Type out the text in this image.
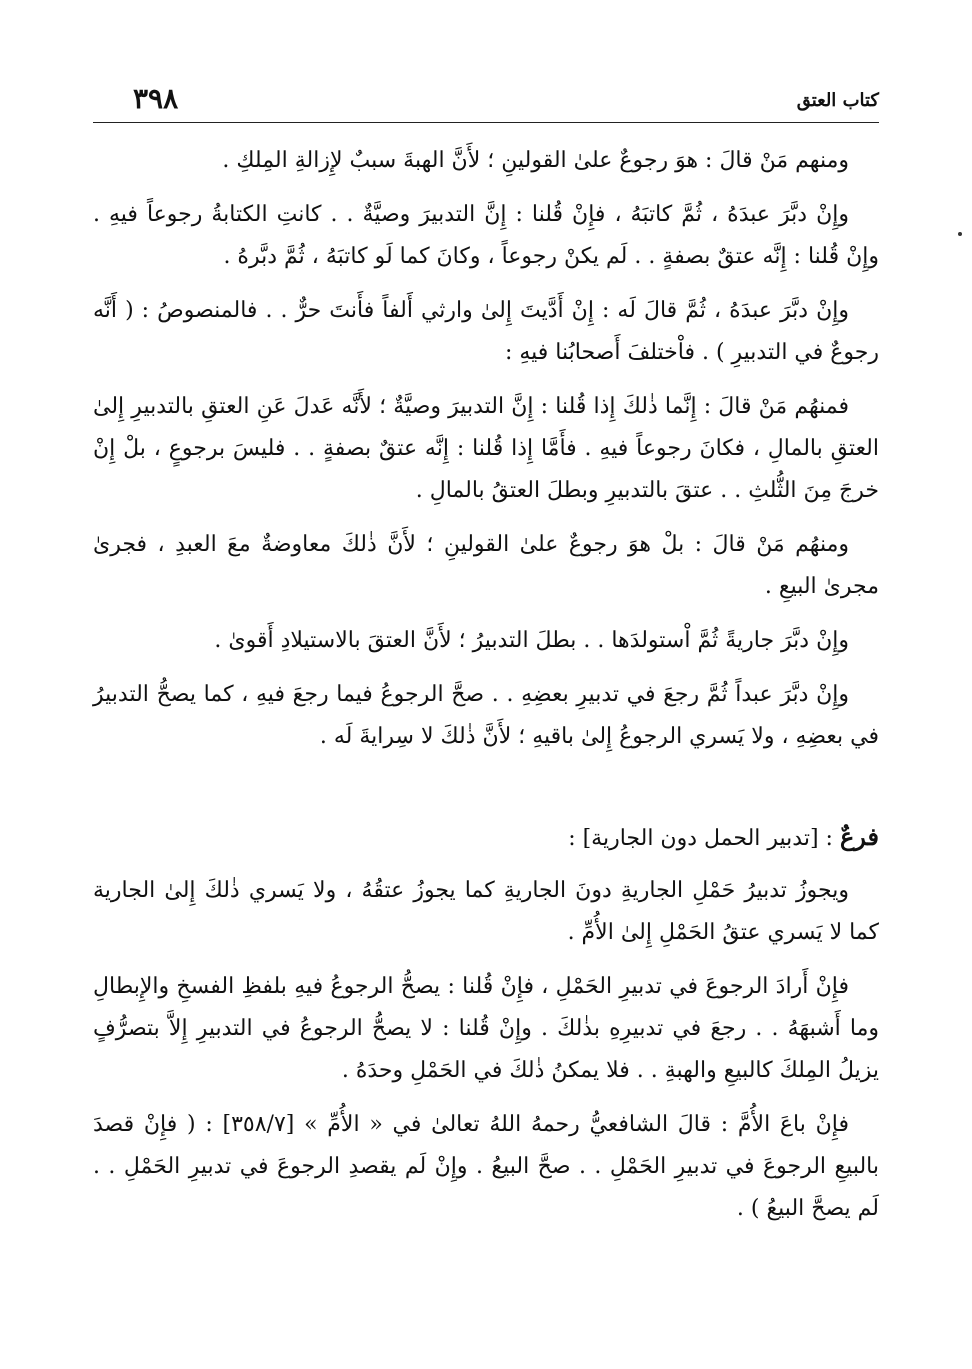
٣٩٨	كتاب العتق

ومنهم مَنْ قالَ : هوَ رجوعٌ علىٰ القولينِ ؛ لأَنَّ الهبةَ سببٌ لإِزالةِ المِلكِ .

وإِنْ دبَّرَ عبدَهُ ، ثُمَّ كاتبَهُ ، فإِنْ قُلنا : إِنَّ التدبيرَ وصيَّةٌ . . كانتِ الكتابةُ رجوعاً فيهِ . وإِنْ قُلنا : إِنَّه عتقٌ بصفةٍ . . لَم يكنْ رجوعاً ، وكانَ كما لَو كاتبَهُ ، ثُمَّ دبَّرهُ .

وإِنْ دبَّرَ عبدَهُ ، ثُمَّ قالَ لَه : إِنْ أَدَّيتَ إِلىٰ وارثي أَلفاً فأَنتَ حرٌّ . . فالمنصوصُ : ( أَنَّه رجوعٌ في التدبيرِ ) . فاْختلفَ أَصحابُنا فيهِ :

فمنهُم مَنْ قالَ : إِنَّما ذٰلكَ إِذا قُلنا : إِنَّ التدبيرَ وصيَّةٌ ؛ لأَنَّه عَدلَ عَنِ العتقِ بالتدبيرِ إِلىٰ العتقِ بالمالِ ، فكانَ رجوعاً فيهِ . فأَمَّا إِذا قُلنا : إِنَّه عتقٌ بصفةٍ . . فليسَ برجوعٍ ، بلْ إِنْ خرجَ مِنَ الثُّلثِ . . عتقَ بالتدبيرِ وبطلَ العتقُ بالمالِ .

ومنهُم مَنْ قالَ : بلْ هوَ رجوعٌ علىٰ القولينِ ؛ لأَنَّ ذٰلكَ معاوضةٌ معَ العبدِ ، فجرىٰ مجرىٰ البيعِ .

وإِنْ دبَّرَ جاريةً ثُمَّ اْستولدَها . . بطلَ التدبيرُ ؛ لأَنَّ العتقَ بالاستيلادِ أَقوىٰ .

وإِنْ دبَّرَ عبداً ثُمَّ رجعَ في تدبيرِ بعضِهِ . . صحَّ الرجوعُ فيما رجعَ فيهِ ، كما يصحُّ التدبيرُ في بعضِهِ ، ولا يَسري الرجوعُ إِلىٰ باقيهِ ؛ لأَنَّ ذٰلكَ لا سِرايةَ لَه .

فرعٌ : [تدبير الحمل دون الجارية] :

ويجوزُ تدبيرُ حَمْلِ الجاريةِ دونَ الجاريةِ كما يجوزُ عتقُهُ ، ولا يَسري ذٰلكَ إِلىٰ الجارية كما لا يَسري عتقُ الحَمْلِ إِلىٰ الأُمِّ .

فإِنْ أَرادَ الرجوعَ في تدبيرِ الحَمْلِ ، فإِنْ قُلنا : يصحُّ الرجوعُ فيهِ بلفظِ الفسخِ والإِبطالِ وما أَشبهَهُ . . رجعَ في تدبيرِهِ بذٰلكَ . وإِنْ قُلنا : لا يصحُّ الرجوعُ في التدبيرِ إِلاَّ بتصرُّفٍ يزيلُ المِلكَ كالبيعِ والهبةِ . . فلا يمكنُ ذٰلكَ في الحَمْلِ وحدَهُ .

فإِنْ باعَ الأُمَّ : قالَ الشافعيُّ رحمهُ اللهُ تعالىٰ في « الأُمِّ » [٣٥٨/٧] : ( فإِنْ قصدَ بالبيعِ الرجوعَ في تدبيرِ الحَمْلِ . . صحَّ البيعُ . وإِنْ لَم يقصدِ الرجوعَ في تدبيرِ الحَمْلِ . . لَم يصحَّ البيعُ ) .
